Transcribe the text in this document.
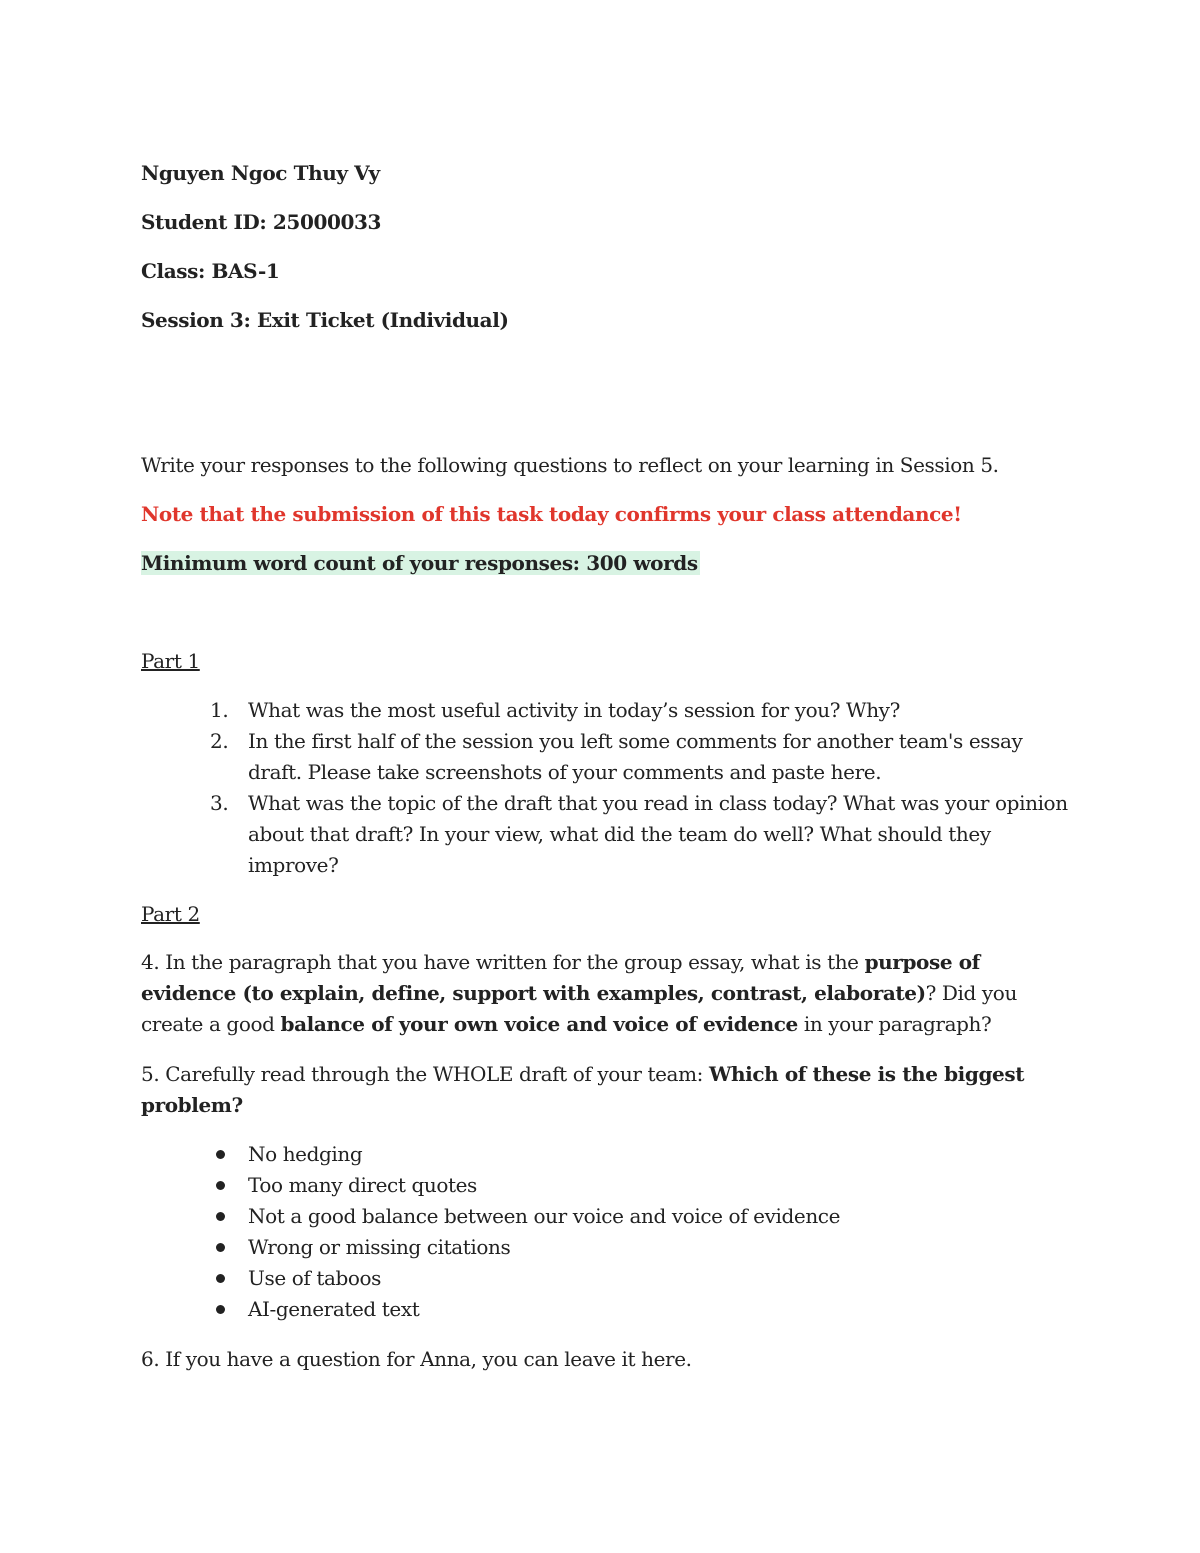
Nguyen Ngoc Thuy Vy
Student ID: 25000033
Class: BAS-1
Session 3: Exit Ticket (Individual)
Write your responses to the following questions to reflect on your learning in Session 5.
Note that the submission of this task today confirms your class attendance!
Minimum word count of your responses: 300 words
Part 1
1. What was the most useful activity in today’s session for you? Why?
2. In the first half of the session you left some comments for another team's essay draft. Please take screenshots of your comments and paste here.
3. What was the topic of the draft that you read in class today? What was your opinion about that draft? In your view, what did the team do well? What should they improve?
Part 2
4. In the paragraph that you have written for the group essay, what is the purpose of evidence (to explain, define, support with examples, contrast, elaborate)? Did you create a good balance of your own voice and voice of evidence in your paragraph?
5. Carefully read through the WHOLE draft of your team: Which of these is the biggest problem?
No hedging
Too many direct quotes
Not a good balance between our voice and voice of evidence
Wrong or missing citations
Use of taboos
AI-generated text
6. If you have a question for Anna, you can leave it here.
